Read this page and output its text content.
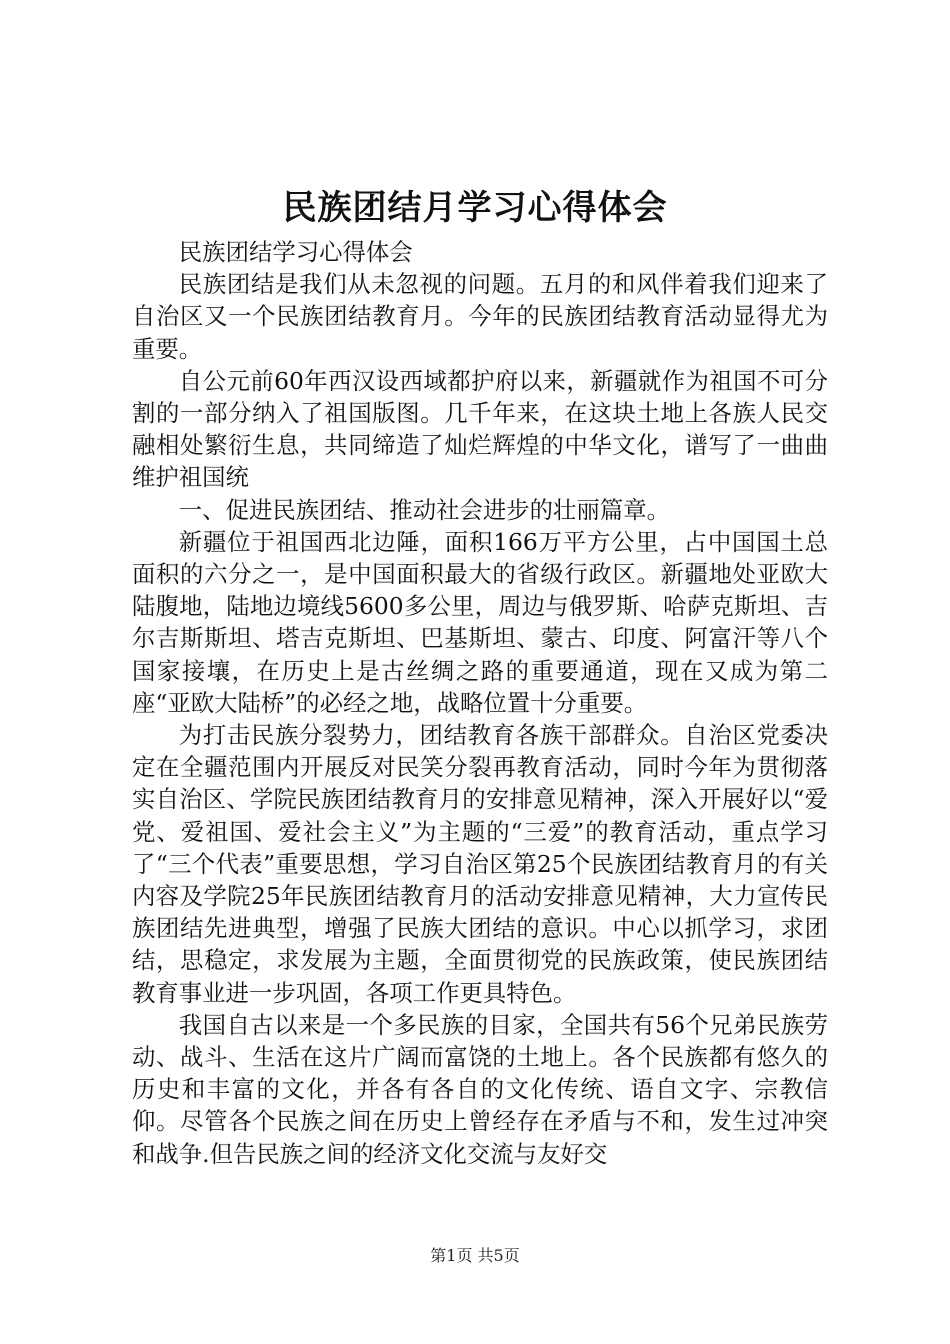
民族团结月学习心得体会

民族团结学习心得体会

民族团结是我们从未忽视的问题。五月的和风伴着我们迎来了自治区又一个民族团结教育月。今年的民族团结教育活动显得尤为重要。

自公元前60年西汉设西域都护府以来，新疆就作为祖国不可分割的一部分纳入了祖国版图。几千年来，在这块土地上各族人民交融相处繁衍生息，共同缔造了灿烂辉煌的中华文化，谱写了一曲曲维护祖国统

一、促进民族团结、推动社会进步的壮丽篇章。

新疆位于祖国西北边陲，面积166万平方公里，占中国国土总面积的六分之一，是中国面积最大的省级行政区。新疆地处亚欧大陆腹地，陆地边境线5600多公里，周边与俄罗斯、哈萨克斯坦、吉尔吉斯斯坦、塔吉克斯坦、巴基斯坦、蒙古、印度、阿富汗等八个国家接壤，在历史上是古丝绸之路的重要通道，现在又成为第二座“亚欧大陆桥”的必经之地，战略位置十分重要。

为打击民族分裂势力，团结教育各族干部群众。自治区党委决定在全疆范围内开展反对民笑分裂再教育活动，同时今年为贯彻落实自治区、学院民族团结教育月的安排意见精神，深入开展好以“爱党、爱祖国、爱社会主义”为主题的“三爱”的教育活动，重点学习了“三个代表”重要思想，学习自治区第25个民族团结教育月的有关内容及学院25年民族团结教育月的活动安排意见精神，大力宣传民族团结先进典型，增强了民族大团结的意识。中心以抓学习，求团结，思稳定，求发展为主题，全面贯彻党的民族政策，使民族团结教育事业进一步巩固，各项工作更具特色。

我国自古以来是一个多民族的目家，全国共有56个兄弟民族劳动、战斗、生活在这片广阔而富饶的土地上。各个民族都有悠久的历史和丰富的文化，并各有各自的文化传统、语自文字、宗教信仰。尽管各个民族之间在历史上曾经存在矛盾与不和，发生过冲突和战争.但告民族之间的经济文化交流与友好交

第1页 共5页
